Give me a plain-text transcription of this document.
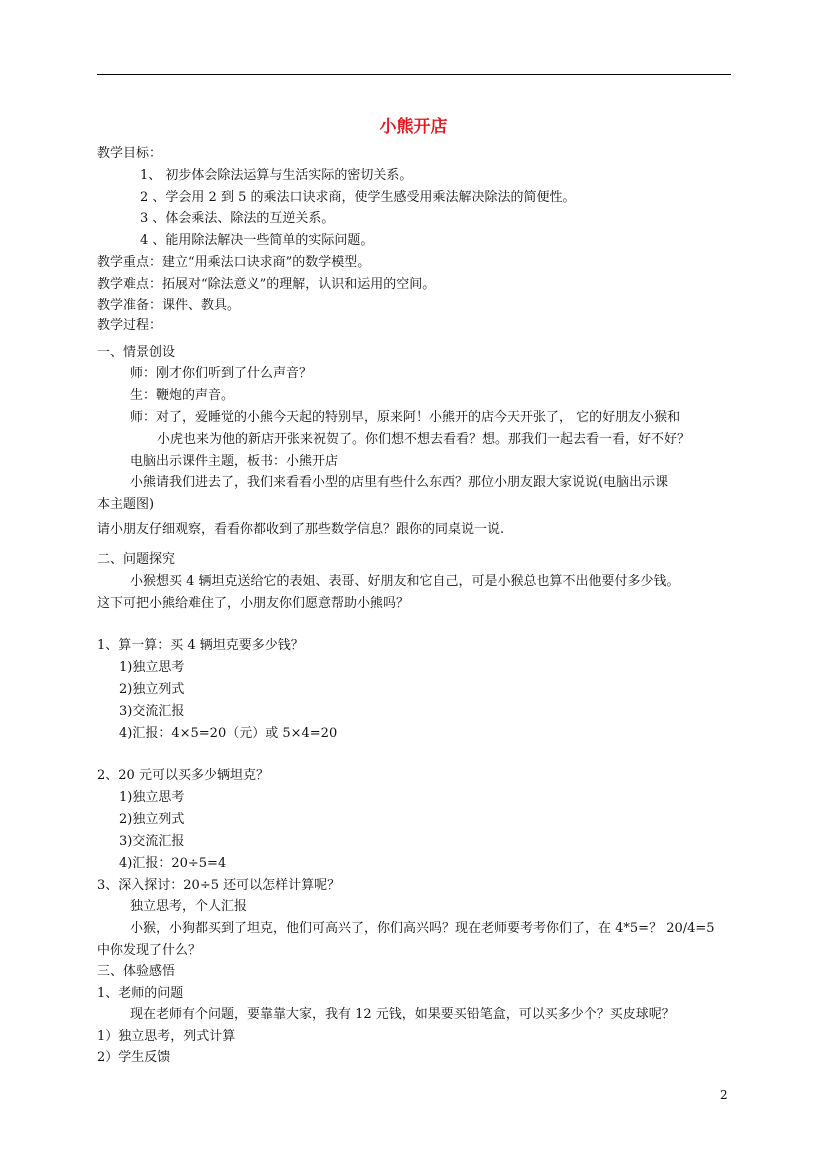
小熊开店
教学目标：
1、 初步体会除法运算与生活实际的密切关系。
2 、学会用 2 到 5 的乘法口诀求商，使学生感受用乘法解决除法的简便性。
3 、体会乘法、除法的互逆关系。
4 、能用除法解决一些简单的实际问题。
教学重点：建立“用乘法口诀求商”的数学模型。
教学难点：拓展对“除法意义”的理解，认识和运用的空间。
教学准备：课件、教具。
教学过程：
一、情景创设
师：刚才你们听到了什么声音？
生：鞭炮的声音。
师：对了，爱睡觉的小熊今天起的特别早，原来阿！小熊开的店今天开张了， 它的好朋友小猴和
小虎也来为他的新店开张来祝贺了。你们想不想去看看？想。那我们一起去看一看，好不好？
电脑出示课件主题，板书：小熊开店
小熊请我们进去了，我们来看看小型的店里有些什么东西？那位小朋友跟大家说说(电脑出示课
本主题图)
请小朋友仔细观察，看看你都收到了那些数学信息？跟你的同桌说一说.
二、问题探究
小猴想买 4 辆坦克送给它的表姐、表哥、好朋友和它自己，可是小猴总也算不出他要付多少钱。
这下可把小熊给难住了，小朋友你们愿意帮助小熊吗？
1、算一算：买 4 辆坦克要多少钱？
1)独立思考
2)独立列式
3)交流汇报
4)汇报：4×5=20（元）或 5×4=20
2、20 元可以买多少辆坦克？
1)独立思考
2)独立列式
3)交流汇报
4)汇报：20÷5=4
3、深入探讨：20÷5 还可以怎样计算呢？
独立思考，个人汇报
小猴，小狗都买到了坦克，他们可高兴了，你们高兴吗？现在老师要考考你们了，在 4*5=？ 20/4=5
中你发现了什么？
三、体验感悟
1、老师的问题
现在老师有个问题，要靠靠大家，我有 12 元钱，如果要买铅笔盒，可以买多少个？买皮球呢？
1）独立思考，列式计算
2）学生反馈
2
